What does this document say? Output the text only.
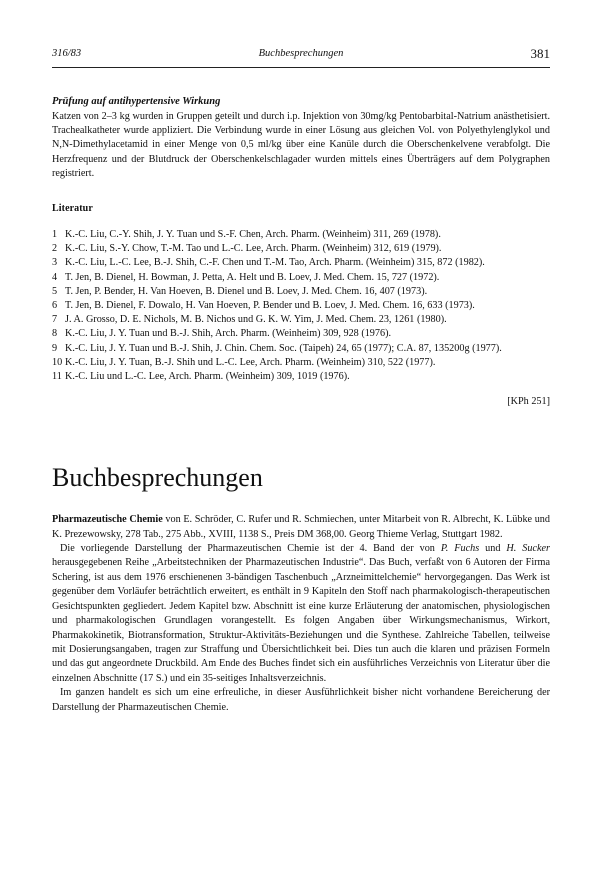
316/83	Buchbesprechungen	381
Prüfung auf antihypertensive Wirkung
Katzen von 2–3 kg wurden in Gruppen geteilt und durch i.p. Injektion von 30mg/kg Pentobarbital-Natrium anästhetisiert. Trachealkatheter wurde appliziert. Die Verbindung wurde in einer Lösung aus gleichen Vol. von Polyethylenglykol und N,N-Dimethylacetamid in einer Menge von 0,5 ml/kg über eine Kanüle durch die Oberschenkelvene verabfolgt. Die Herzfrequenz und der Blutdruck der Oberschenkelschlagader wurden mittels eines Überträgers auf dem Polygraphen registriert.
Literatur
1 K.-C. Liu, C.-Y. Shih, J. Y. Tuan und S.-F. Chen, Arch. Pharm. (Weinheim) 311, 269 (1978).
2 K.-C. Liu, S.-Y. Chow, T.-M. Tao und L.-C. Lee, Arch. Pharm. (Weinheim) 312, 619 (1979).
3 K.-C. Liu, L.-C. Lee, B.-J. Shih, C.-F. Chen und T.-M. Tao, Arch. Pharm. (Weinheim) 315, 872 (1982).
4 T. Jen, B. Dienel, H. Bowman, J. Petta, A. Helt und B. Loev, J. Med. Chem. 15, 727 (1972).
5 T. Jen, P. Bender, H. Van Hoeven, B. Dienel und B. Loev, J. Med. Chem. 16, 407 (1973).
6 T. Jen, B. Dienel, F. Dowalo, H. Van Hoeven, P. Bender und B. Loev, J. Med. Chem. 16, 633 (1973).
7 J. A. Grosso, D. E. Nichols, M. B. Nichos und G. K. W. Yim, J. Med. Chem. 23, 1261 (1980).
8 K.-C. Liu, J. Y. Tuan und B.-J. Shih, Arch. Pharm. (Weinheim) 309, 928 (1976).
9 K.-C. Liu, J. Y. Tuan und B.-J. Shih, J. Chin. Chem. Soc. (Taipeh) 24, 65 (1977); C.A. 87, 135200g (1977).
10 K.-C. Liu, J. Y. Tuan, B.-J. Shih und L.-C. Lee, Arch. Pharm. (Weinheim) 310, 522 (1977).
11 K.-C. Liu und L.-C. Lee, Arch. Pharm. (Weinheim) 309, 1019 (1976).
[KPh 251]
Buchbesprechungen

Pharmazeutische Chemie von E. Schröder, C. Rufer und R. Schmiechen, unter Mitarbeit von R. Albrecht, K. Lübke und K. Prezewowsky, 278 Tab., 275 Abb., XVIII, 1138 S., Preis DM 368,00. Georg Thieme Verlag, Stuttgart 1982.

Die vorliegende Darstellung der Pharmazeutischen Chemie ist der 4. Band der von P. Fuchs und H. Sucker herausgegebenen Reihe „Arbeitstechniken der Pharmazeutischen Industrie“. Das Buch, verfaßt von 6 Autoren der Firma Schering, ist aus dem 1976 erschienenen 3-bändigen Taschenbuch „Arzneimittelchemie“ hervorgegangen. Das Werk ist gegenüber dem Vorläufer beträchtlich erweitert, es enthält in 9 Kapiteln den Stoff nach pharmakologisch-therapeutischen Gesichtspunkten gegliedert. Jedem Kapitel bzw. Abschnitt ist eine kurze Erläuterung der anatomischen, physiologischen und pharmakologischen Grundlagen vorangestellt. Es folgen Angaben über Wirkungsmechanismus, Wirkort, Pharmakokinetik, Biotransformation, Struktur-Aktivitäts-Beziehungen und die Synthese. Zahlreiche Tabellen, teilweise mit Dosierungsangaben, tragen zur Straffung und Übersichtlichkeit bei. Dies tun auch die klaren und präzisen Formeln und das gut angeordnete Druckbild. Am Ende des Buches findet sich ein ausführliches Verzeichnis von Literatur über die einzelnen Abschnitte (17 S.) und ein 35-seitiges Inhaltsverzeichnis.

Im ganzen handelt es sich um eine erfreuliche, in dieser Ausführlichkeit bisher nicht vorhandene Bereicherung der Darstellung der Pharmazeutischen Chemie.
